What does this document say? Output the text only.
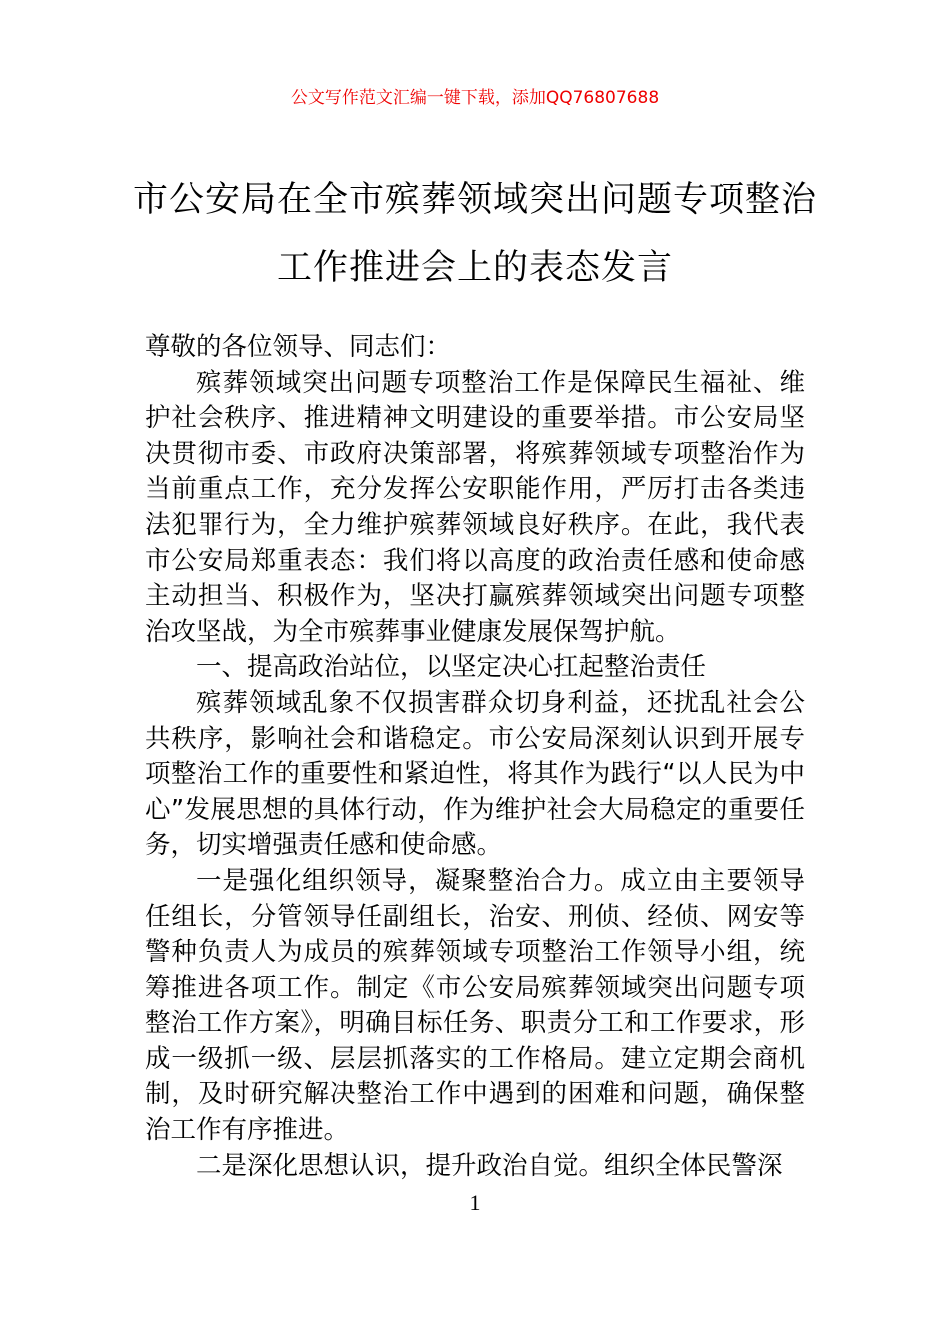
公文写作范文汇编一键下载，添加QQ76807688
市公安局在全市殡葬领域突出问题专项整治工作推进会上的表态发言

尊敬的各位领导、同志们：

殡葬领域突出问题专项整治工作是保障民生福祉、维护社会秩序、推进精神文明建设的重要举措。市公安局坚决贯彻市委、市政府决策部署，将殡葬领域专项整治作为当前重点工作，充分发挥公安职能作用，严厉打击各类违法犯罪行为，全力维护殡葬领域良好秩序。在此，我代表市公安局郑重表态：我们将以高度的政治责任感和使命感主动担当、积极作为，坚决打赢殡葬领域突出问题专项整治攻坚战，为全市殡葬事业健康发展保驾护航。

一、提高政治站位，以坚定决心扛起整治责任

殡葬领域乱象不仅损害群众切身利益，还扰乱社会公共秩序，影响社会和谐稳定。市公安局深刻认识到开展专项整治工作的重要性和紧迫性，将其作为践行“以人民为中心”发展思想的具体行动，作为维护社会大局稳定的重要任务，切实增强责任感和使命感。

一是强化组织领导，凝聚整治合力。成立由主要领导任组长，分管领导任副组长，治安、刑侦、经侦、网安等警种负责人为成员的殡葬领域专项整治工作领导小组，统筹推进各项工作。制定《市公安局殡葬领域突出问题专项整治工作方案》，明确目标任务、职责分工和工作要求，形成一级抓一级、层层抓落实的工作格局。建立定期会商机制，及时研究解决整治工作中遇到的困难和问题，确保整治工作有序推进。

二是深化思想认识，提升政治自觉。组织全体民警深

1
